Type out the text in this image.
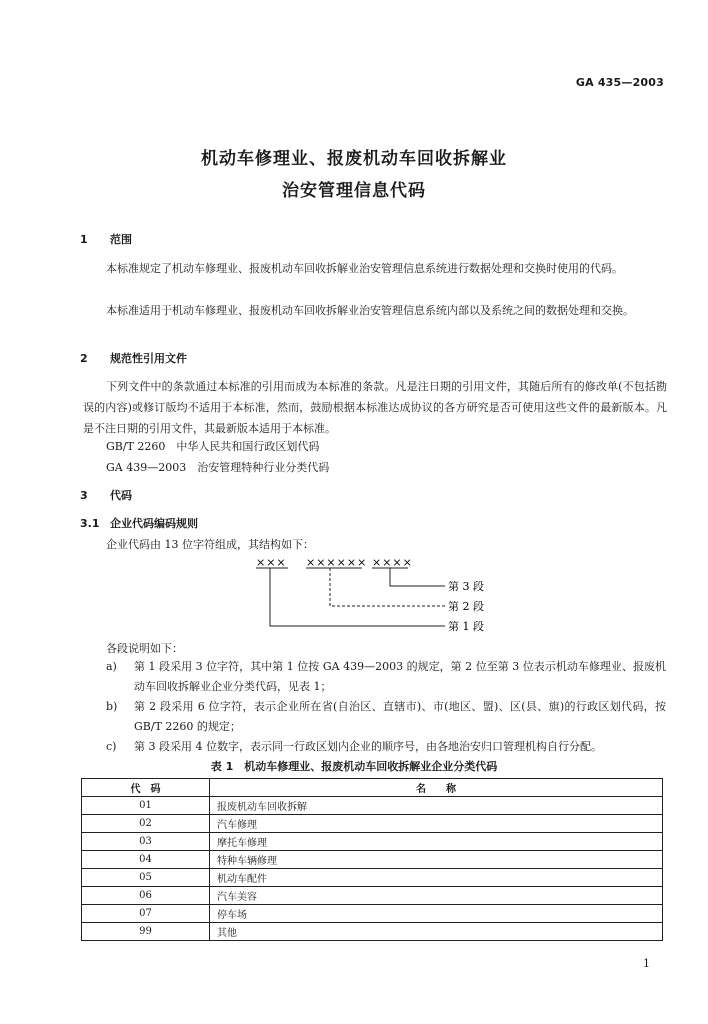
GA 435—2003
机动车修理业、报废机动车回收拆解业
治安管理信息代码
1 范围
本标准规定了机动车修理业、报废机动车回收拆解业治安管理信息系统进行数据处理和交换时使用的代码。
本标准适用于机动车修理业、报废机动车回收拆解业治安管理信息系统内部以及系统之间的数据处理和交换。
2 规范性引用文件
下列文件中的条款通过本标准的引用而成为本标准的条款。凡是注日期的引用文件，其随后所有的修改单(不包括勘误的内容)或修订版均不适用于本标准，然而，鼓励根据本标准达成协议的各方研究是否可使用这些文件的最新版本。凡是不注日期的引用文件，其最新版本适用于本标准。
GB/T 2260　中华人民共和国行政区划代码
GA 439—2003　治安管理特种行业分类代码
3 代码
3.1 企业代码编码规则
企业代码由 13 位字符组成，其结构如下：
××× ×××××× ××××
第 3 段
第 2 段
第 1 段
各段说明如下：
a) 第 1 段采用 3 位字符，其中第 1 位按 GA 439—2003 的规定，第 2 位至第 3 位表示机动车修理业、报废机动车回收拆解业企业分类代码，见表 1；
b) 第 2 段采用 6 位字符，表示企业所在省(自治区、直辖市)、市(地区、盟)、区(县、旗)的行政区划代码，按 GB/T 2260 的规定；
c) 第 3 段采用 4 位数字，表示同一行政区划内企业的顺序号，由各地治安归口管理机构自行分配。
表 1　机动车修理业、报废机动车回收拆解业企业分类代码
代　码	名　　称
01	报废机动车回收拆解
02	汽车修理
03	摩托车修理
04	特种车辆修理
05	机动车配件
06	汽车美容
07	停车场
99	其他
1
